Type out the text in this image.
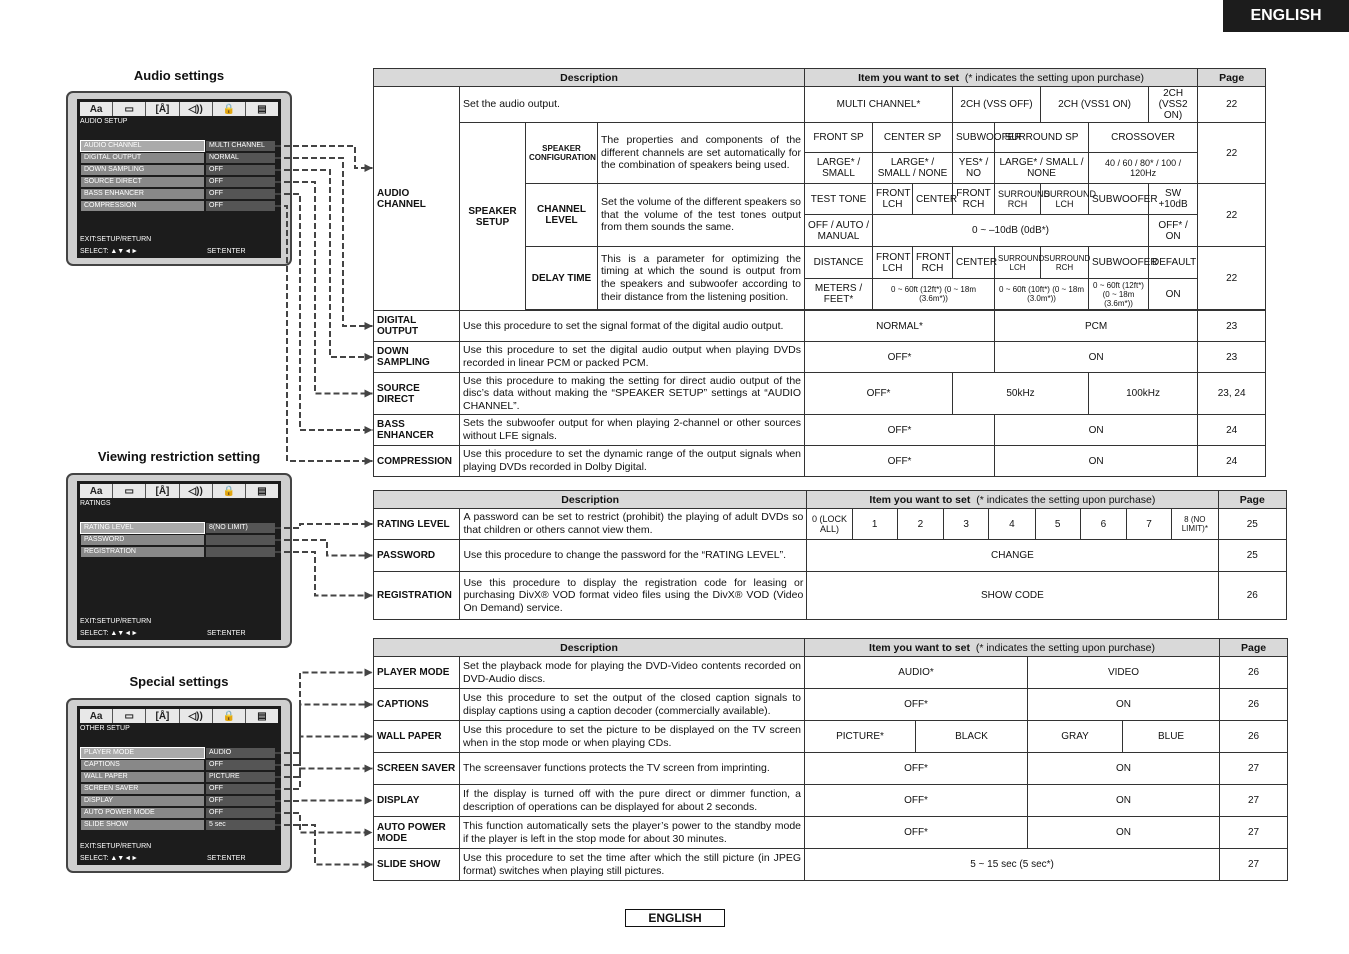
ENGLISH
ENGLISH
Audio settings
Viewing restriction setting
Special settings
Aa	▭	[Å]	◁))	🔒	▤
AUDIO SETUP
AUDIO CHANNEL	MULTI CHANNEL
DIGITAL OUTPUT	NORMAL
DOWN SAMPLING	OFF
SOURCE DIRECT	OFF
BASS ENHANCER	OFF
COMPRESSION	OFF
EXIT:SETUP/RETURN
SELECT: ▲▼◄►	SET:ENTER
Aa	▭	[Å]	◁))	🔒	▤
RATINGS
RATING LEVEL	8(NO LIMIT)
PASSWORD
REGISTRATION
EXIT:SETUP/RETURN
SELECT: ▲▼◄►	SET:ENTER
Aa	▭	[Å]	◁))	🔒	▤
OTHER SETUP
PLAYER MODE	AUDIO
CAPTIONS	OFF
WALL PAPER	PICTURE
SCREEN SAVER	OFF
DISPLAY	OFF
AUTO POWER MODE	OFF
SLIDE SHOW	5 sec
EXIT:SETUP/RETURN
SELECT: ▲▼◄►	SET:ENTER
Description				Item you want to set (* indicates the setting upon purchase)								Page
AUDIO CHANNEL	Set the audio output.			MULTI CHANNEL*			2CH (VSS OFF)		2CH (VSS1 ON)		2CH (VSS2 ON)	22
	SPEAKER SETUP	SPEAKER CONFIGURATION	The properties and components of the different channels are set automatically for the combination of speakers being used.	FRONT SP	CENTER SP		SUBWOOFER	SURROUND SP		CROSSOVER		22
				LARGE* / SMALL	LARGE* / SMALL / NONE		YES* / NO	LARGE* / SMALL / NONE		40 / 60 / 80* / 100 / 120Hz		
		CHANNEL LEVEL	Set the volume of the different speakers so that the volume of the test tones output from them sounds the same.	TEST TONE	FRONT LCH	CENTER	FRONT RCH	SURROUND RCH	SURROUND LCH	SUBWOOFER	SW +10dB	22
				OFF / AUTO / MANUAL	0 ~ –10dB (0dB*)						OFF* / ON	
		DELAY TIME	This is a parameter for optimizing the timing at which the sound is output from the speakers and subwoofer according to their distance from the listening position.	DISTANCE	FRONT LCH	FRONT RCH	CENTER	SURROUND LCH	SURROUND RCH	SUBWOOFER	DEFAULT	22
				METERS / FEET*	0 ~ 60ft (12ft*) (0 ~ 18m (3.6m*))			0 ~ 60ft (10ft*) (0 ~ 18m (3.0m*))		0 ~ 60ft (12ft*) (0 ~ 18m (3.6m*))	ON	

DIGITAL OUTPUT	Use this procedure to set the signal format of the digital audio output.			NORMAL*				PCM				23
DOWN SAMPLING	Use this procedure to set the digital audio output when playing DVDs recorded in linear PCM or packed PCM.			OFF*				ON				23
SOURCE DIRECT	Use this procedure to making the setting for direct audio output of the disc’s data without making the “SPEAKER SETUP” settings at “AUDIO CHANNEL”.			OFF*			50kHz			100kHz		23, 24
BASS ENHANCER	Sets the subwoofer output for when playing 2-channel or other sources without LFE signals.			OFF*				ON				24
COMPRESSION	Use this procedure to set the dynamic range of the output signals when playing DVDs recorded in Dolby Digital.			OFF*				ON				24
Description		Item you want to set (* indicates the setting upon purchase)									Page
RATING LEVEL	A password can be set to restrict (prohibit) the playing of adult DVDs so that children or others cannot view them.	0 (LOCK ALL)	1	2	3	4	5	6	7	8 (NO LIMIT)*	25
PASSWORD	Use this procedure to change the password for the “RATING LEVEL”.	CHANGE									25
REGISTRATION	Use this procedure to display the registration code for leasing or purchasing DivX® VOD format video files using the DivX® VOD (Video On Demand) service.	SHOW CODE									26
Description		Item you want to set (* indicates the setting upon purchase)				Page
PLAYER MODE	Set the playback mode for playing the DVD-Video contents recorded on DVD-Audio discs.	AUDIO*		VIDEO		26
CAPTIONS	Use this procedure to set the output of the closed caption signals to display captions using a caption decoder (commercially available).	OFF*		ON		26
WALL PAPER	Use this procedure to set the picture to be displayed on the TV screen when in the stop mode or when playing CDs.	PICTURE*	BLACK	GRAY	BLUE	26
SCREEN SAVER	The screensaver functions protects the TV screen from imprinting.	OFF*		ON		27
DISPLAY	If the display is turned off with the pure direct or dimmer function, a description of operations can be displayed for about 2 seconds.	OFF*		ON		27
AUTO POWER MODE	This function automatically sets the player’s power to the standby mode if the player is left in the stop mode for about 30 minutes.	OFF*		ON		27
SLIDE SHOW	Use this procedure to set the time after which the still picture (in JPEG format) switches when playing still pictures.	5 ~ 15 sec (5 sec*)				27
